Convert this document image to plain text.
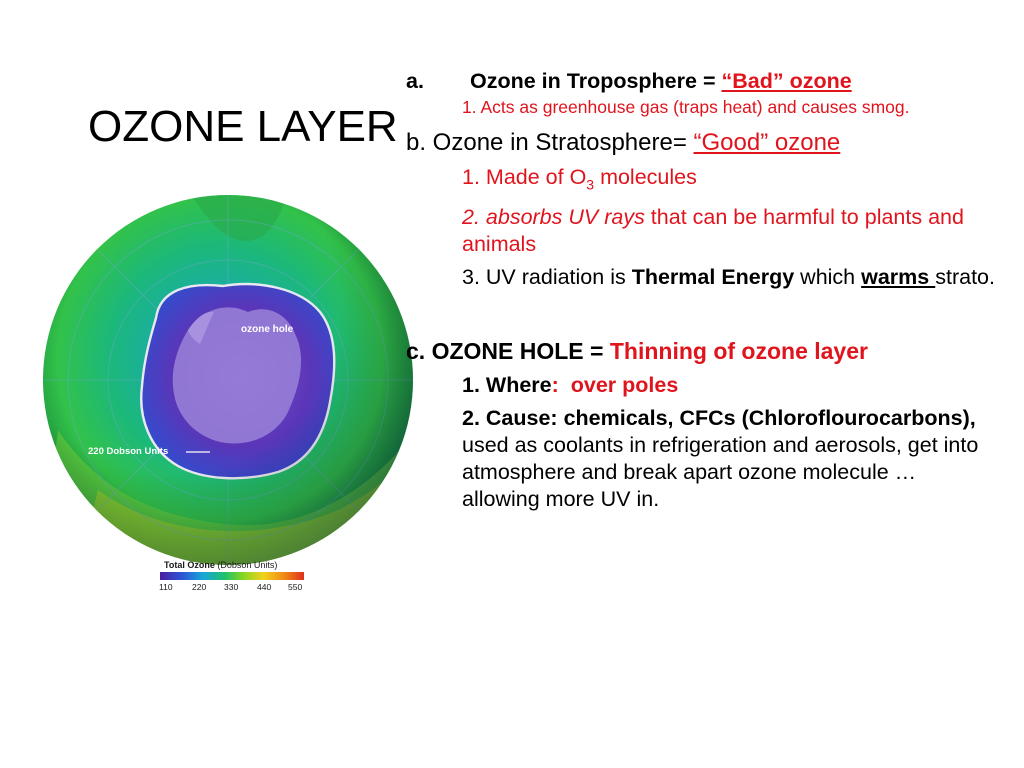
OZONE LAYER
ozone hole
220 Dobson Units
Total Ozone (Dobson Units)
110 220 330 440 550

a. Ozone in Troposphere = “Bad” ozone

1. Acts as greenhouse gas (traps heat) and causes smog.

b. Ozone in Stratosphere= “Good” ozone

1. Made of $O_3$ molecules

2. absorbs UV rays that can be harmful to plants and animals

3. UV radiation is Thermal Energy which warms strato.

c. OZONE HOLE = Thinning of ozone layer

1. Where: over poles

2. Cause: chemicals, CFCs (Chloroflourocarbons), used as coolants in refrigeration and aerosols, get into atmosphere and break apart ozone molecule … allowing more UV in.
